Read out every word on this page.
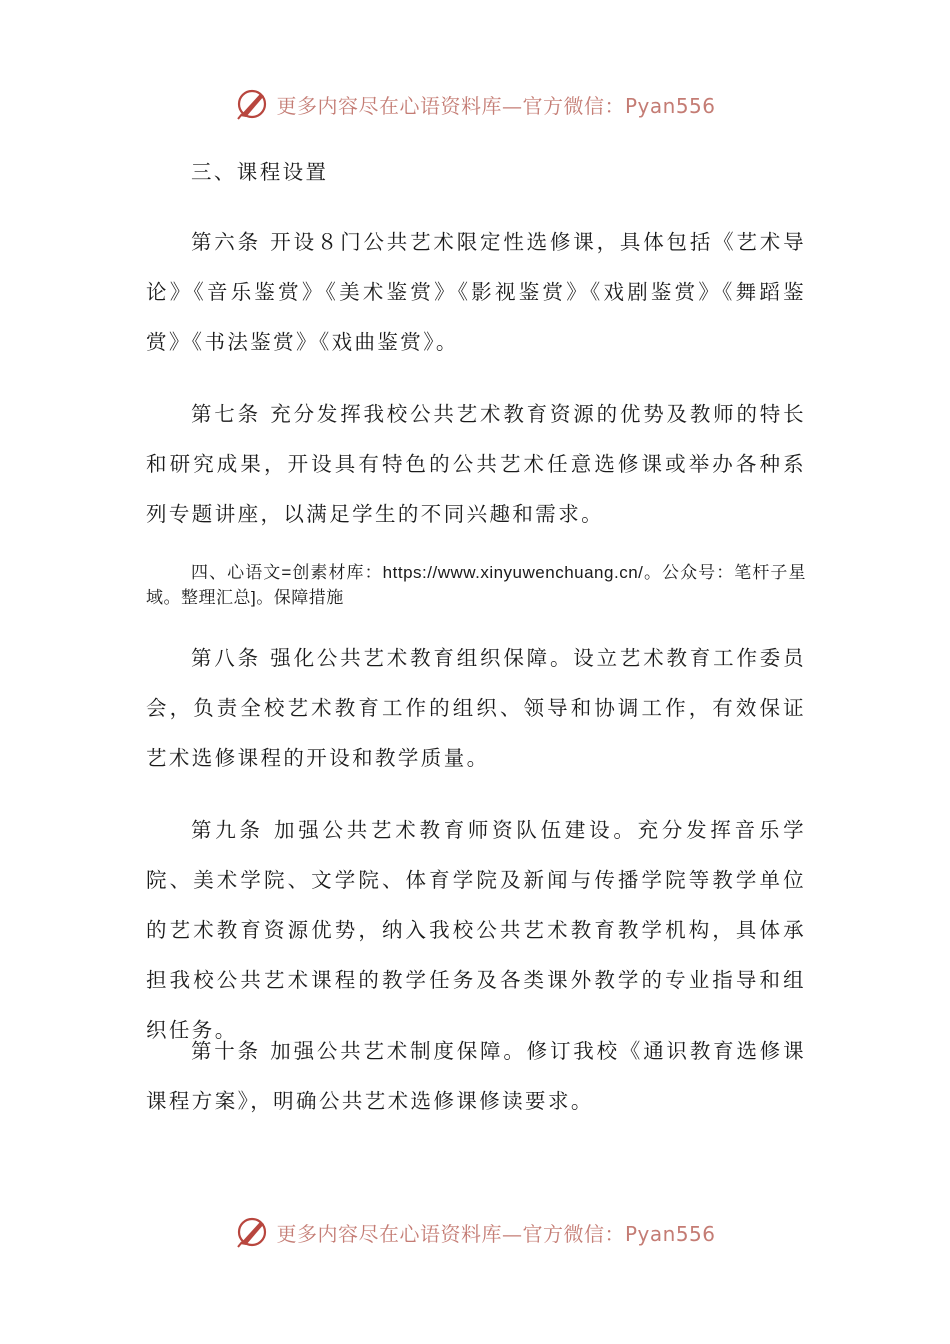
更多内容尽在心语资料库—官方微信：Pyan556

三、课程设置

第六条 开设８门公共艺术限定性选修课，具体包括《艺术导论》《音乐鉴赏》《美术鉴赏》《影视鉴赏》《戏剧鉴赏》《舞蹈鉴赏》《书法鉴赏》《戏曲鉴赏》。

第七条 充分发挥我校公共艺术教育资源的优势及教师的特长和研究成果，开设具有特色的公共艺术任意选修课或举办各种系列专题讲座，以满足学生的不同兴趣和需求。

四、心语文=创素材库：https://www.xinyuwenchuang.cn/。公众号：笔杆子星域。整理汇总]。保障措施

第八条 强化公共艺术教育组织保障。设立艺术教育工作委员会，负责全校艺术教育工作的组织、领导和协调工作，有效保证艺术选修课程的开设和教学质量。

第九条 加强公共艺术教育师资队伍建设。充分发挥音乐学院、美术学院、文学院、体育学院及新闻与传播学院等教学单位的艺术教育资源优势，纳入我校公共艺术教育教学机构，具体承担我校公共艺术课程的教学任务及各类课外教学的专业指导和组织任务。

第十条 加强公共艺术制度保障。修订我校《通识教育选修课课程方案》，明确公共艺术选修课修读要求。

更多内容尽在心语资料库—官方微信：Pyan556
